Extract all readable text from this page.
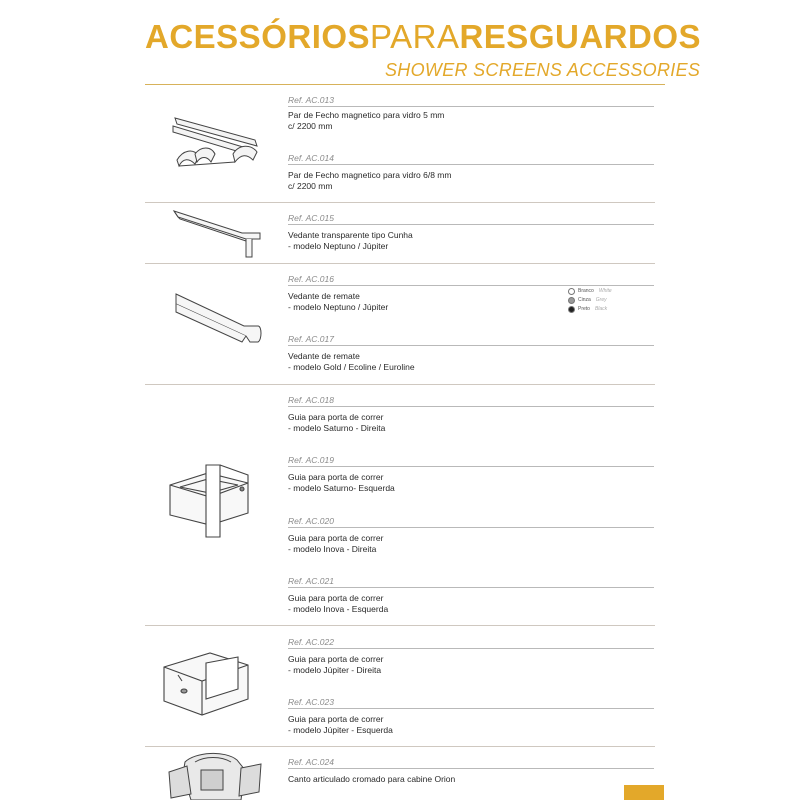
ACESSÓRIOSPARARESGUARDOS
SHOWER SCREENS ACCESSORIES
Ref. AC.013
Par de Fecho magnetico para vidro 5 mm
c/ 2200 mm
Ref. AC.014
Par de Fecho magnetico para vidro 6/8 mm
c/ 2200 mm
Ref. AC.015
Vedante transparente tipo Cunha
- modelo Neptuno / Júpiter
Ref. AC.016
Vedante de remate
- modelo Neptuno / Júpiter
Ref. AC.017
Vedante de remate
- modelo Gold / Ecoline / Euroline
Ref. AC.018
Guia para porta de correr
- modelo Saturno - Direita
Ref. AC.019
Guia para porta de correr
- modelo Saturno- Esquerda
Ref. AC.020
Guia para porta de correr
- modelo Inova - Direita
Ref. AC.021
Guia para porta de correr
- modelo Inova - Esquerda
Ref. AC.022
Guia para porta de correr
- modelo Júpiter - Direita
Ref. AC.023
Guia para porta de correr
- modelo Júpiter - Esquerda
Ref. AC.024
Canto articulado cromado para cabine Orion
Branco White
Cinza Grey
Preto Black
